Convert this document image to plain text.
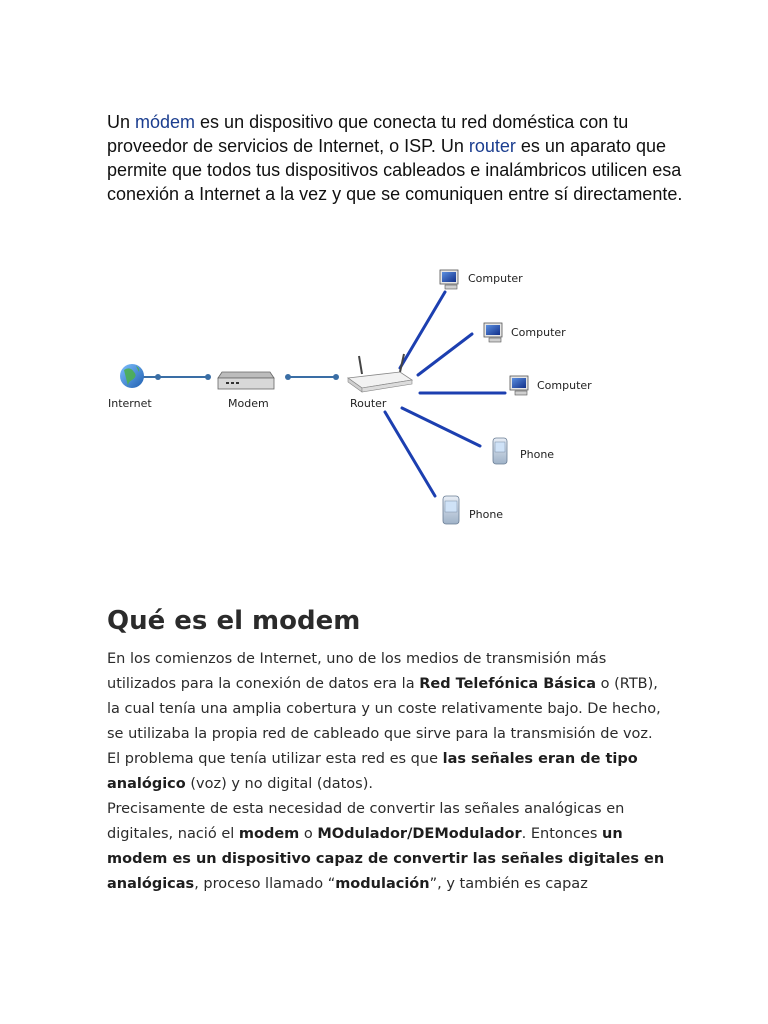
Un módem es un dispositivo que conecta tu red doméstica con tu proveedor de servicios de Internet, o ISP. Un router es un aparato que permite que todos tus dispositivos cableados e inalámbricos utilicen esa conexión a Internet a la vez y que se comuniquen entre sí directamente.

Internet	Modem	Router
Computer
Computer
Computer
Phone
Phone
Qué es el modem

En los comienzos de Internet, uno de los medios de transmisión más utilizados para la conexión de datos era la Red Telefónica Básica o (RTB), la cual tenía una amplia cobertura y un coste relativamente bajo. De hecho, se utilizaba la propia red de cableado que sirve para la transmisión de voz. El problema que tenía utilizar esta red es que las señales eran de tipo analógico (voz) y no digital (datos).

Precisamente de esta necesidad de convertir las señales analógicas en digitales, nació el modem o MOdulador/DEModulador. Entonces un modem es un dispositivo capaz de convertir las señales digitales en analógicas, proceso llamado “modulación”, y también es capaz
